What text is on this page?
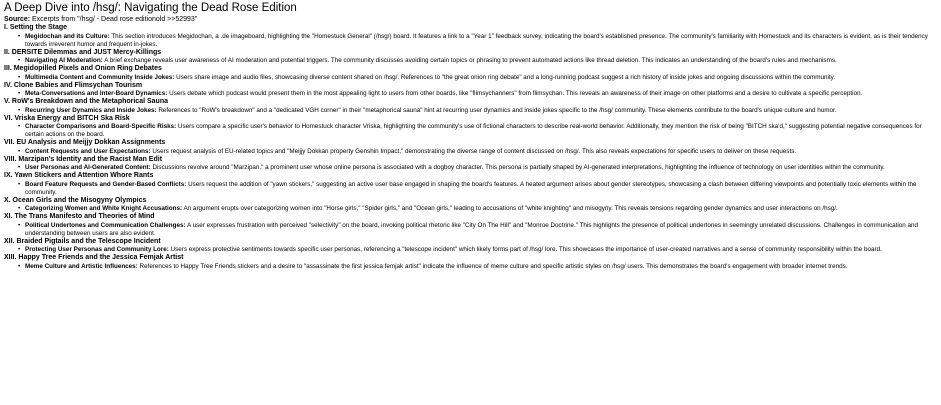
A Deep Dive into /hsg/: Navigating the Dead Rose Edition

Source: Excerpts from "/hsg/ - Dead rose editionold >>52993"

I. Setting the Stage
• Megidochan and its Culture: This section introduces Megidochan, a .de imageboard, highlighting the "Homestuck General" (/hsg/) board. It features a link to a "Year 1" feedback survey, indicating the board's established presence. The community's familiarity with Homestuck and its characters is evident, as is their tendency towards irreverent humor and frequent in-jokes.
II. DERSITE Dilemmas and JUST Mercy-Killings
• Navigating AI Moderation: A brief exchange reveals user awareness of AI moderation and potential triggers. The community discusses avoiding certain topics or phrasing to prevent automated actions like thread deletion. This indicates an understanding of the board's rules and mechanisms.
III. Megidopilled Pixels and Onion Ring Debates
• Multimedia Content and Community Inside Jokes: Users share image and audio files, showcasing diverse content shared on /hsg/. References to "the great onion ring debate" and a long-running podcast suggest a rich history of inside jokes and ongoing discussions within the community.
IV. Clone Babies and Flimsychan Tourism
• Meta-Conversations and Inter-Board Dynamics: Users debate which podcast would present them in the most appealing light to users from other boards, like "flimsychanners" from flimsychan. This reveals an awareness of their image on other platforms and a desire to cultivate a specific perception.
V. RoW's Breakdown and the Metaphorical Sauna
• Recurring User Dynamics and Inside Jokes: References to "RoW's breakdown" and a "dedicated VGH corner" in their "metaphorical sauna" hint at recurring user dynamics and inside jokes specific to the /hsg/ community. These elements contribute to the board's unique culture and humor.
VI. Vriska Energy and BITCH Ska Risk
• Character Comparisons and Board-Specific Risks: Users compare a specific user's behavior to Homestuck character Vriska, highlighting the community's use of fictional characters to describe real-world behavior. Additionally, they mention the risk of being "BITCH ska'd," suggesting potential negative consequences for certain actions on the board.
VII. EU Analysis and Meijjy Dokkan Assignments
• Content Requests and User Expectations: Users request analysis of EU-related topics and "Meijjy Dokkan property Genshin Impact," demonstrating the diverse range of content discussed on /hsg/. This also reveals expectations for specific users to deliver on these requests.
VIII. Marzipan's Identity and the Racist Man Edit
• User Personas and AI-Generated Content: Discussions revolve around "Marzipan," a prominent user whose online persona is associated with a dogboy character. This persona is partially shaped by AI-generated interpretations, highlighting the influence of technology on user identities within the community.
IX. Yawn Stickers and Attention Whore Rants
• Board Feature Requests and Gender-Based Conflicts: Users request the addition of "yawn stickers," suggesting an active user base engaged in shaping the board's features. A heated argument arises about gender stereotypes, showcasing a clash between differing viewpoints and potentially toxic elements within the community.
X. Ocean Girls and the Misogyny Olympics
• Categorizing Women and White Knight Accusations: An argument erupts over categorizing women into "Horse girls," "Spider girls," and "Ocean girls," leading to accusations of "white knighting" and misogyny. This reveals tensions regarding gender dynamics and user interactions on /hsg/.
XI. The Trans Manifesto and Theories of Mind
• Political Undertones and Communication Challenges: A user expresses frustration with perceived "selectivity" on the board, invoking political rhetoric like "City On The Hill" and "Monroe Doctrine." This highlights the presence of political undertones in seemingly unrelated discussions. Challenges in communication and understanding between users are also evident.
XII. Braided Pigtails and the Telescope Incident
• Protecting User Personas and Community Lore: Users express protective sentiments towards specific user personas, referencing a "telescope incident" which likely forms part of /hsg/ lore. This showcases the importance of user-created narratives and a sense of community responsibility within the board.
XIII. Happy Tree Friends and the Jessica Femjak Artist
• Meme Culture and Artistic Influences: References to Happy Tree Friends stickers and a desire to "assassinate the first jessica femjak artist" indicate the influence of meme culture and specific artistic styles on /hsg/ users. This demonstrates the board's engagement with broader internet trends.
